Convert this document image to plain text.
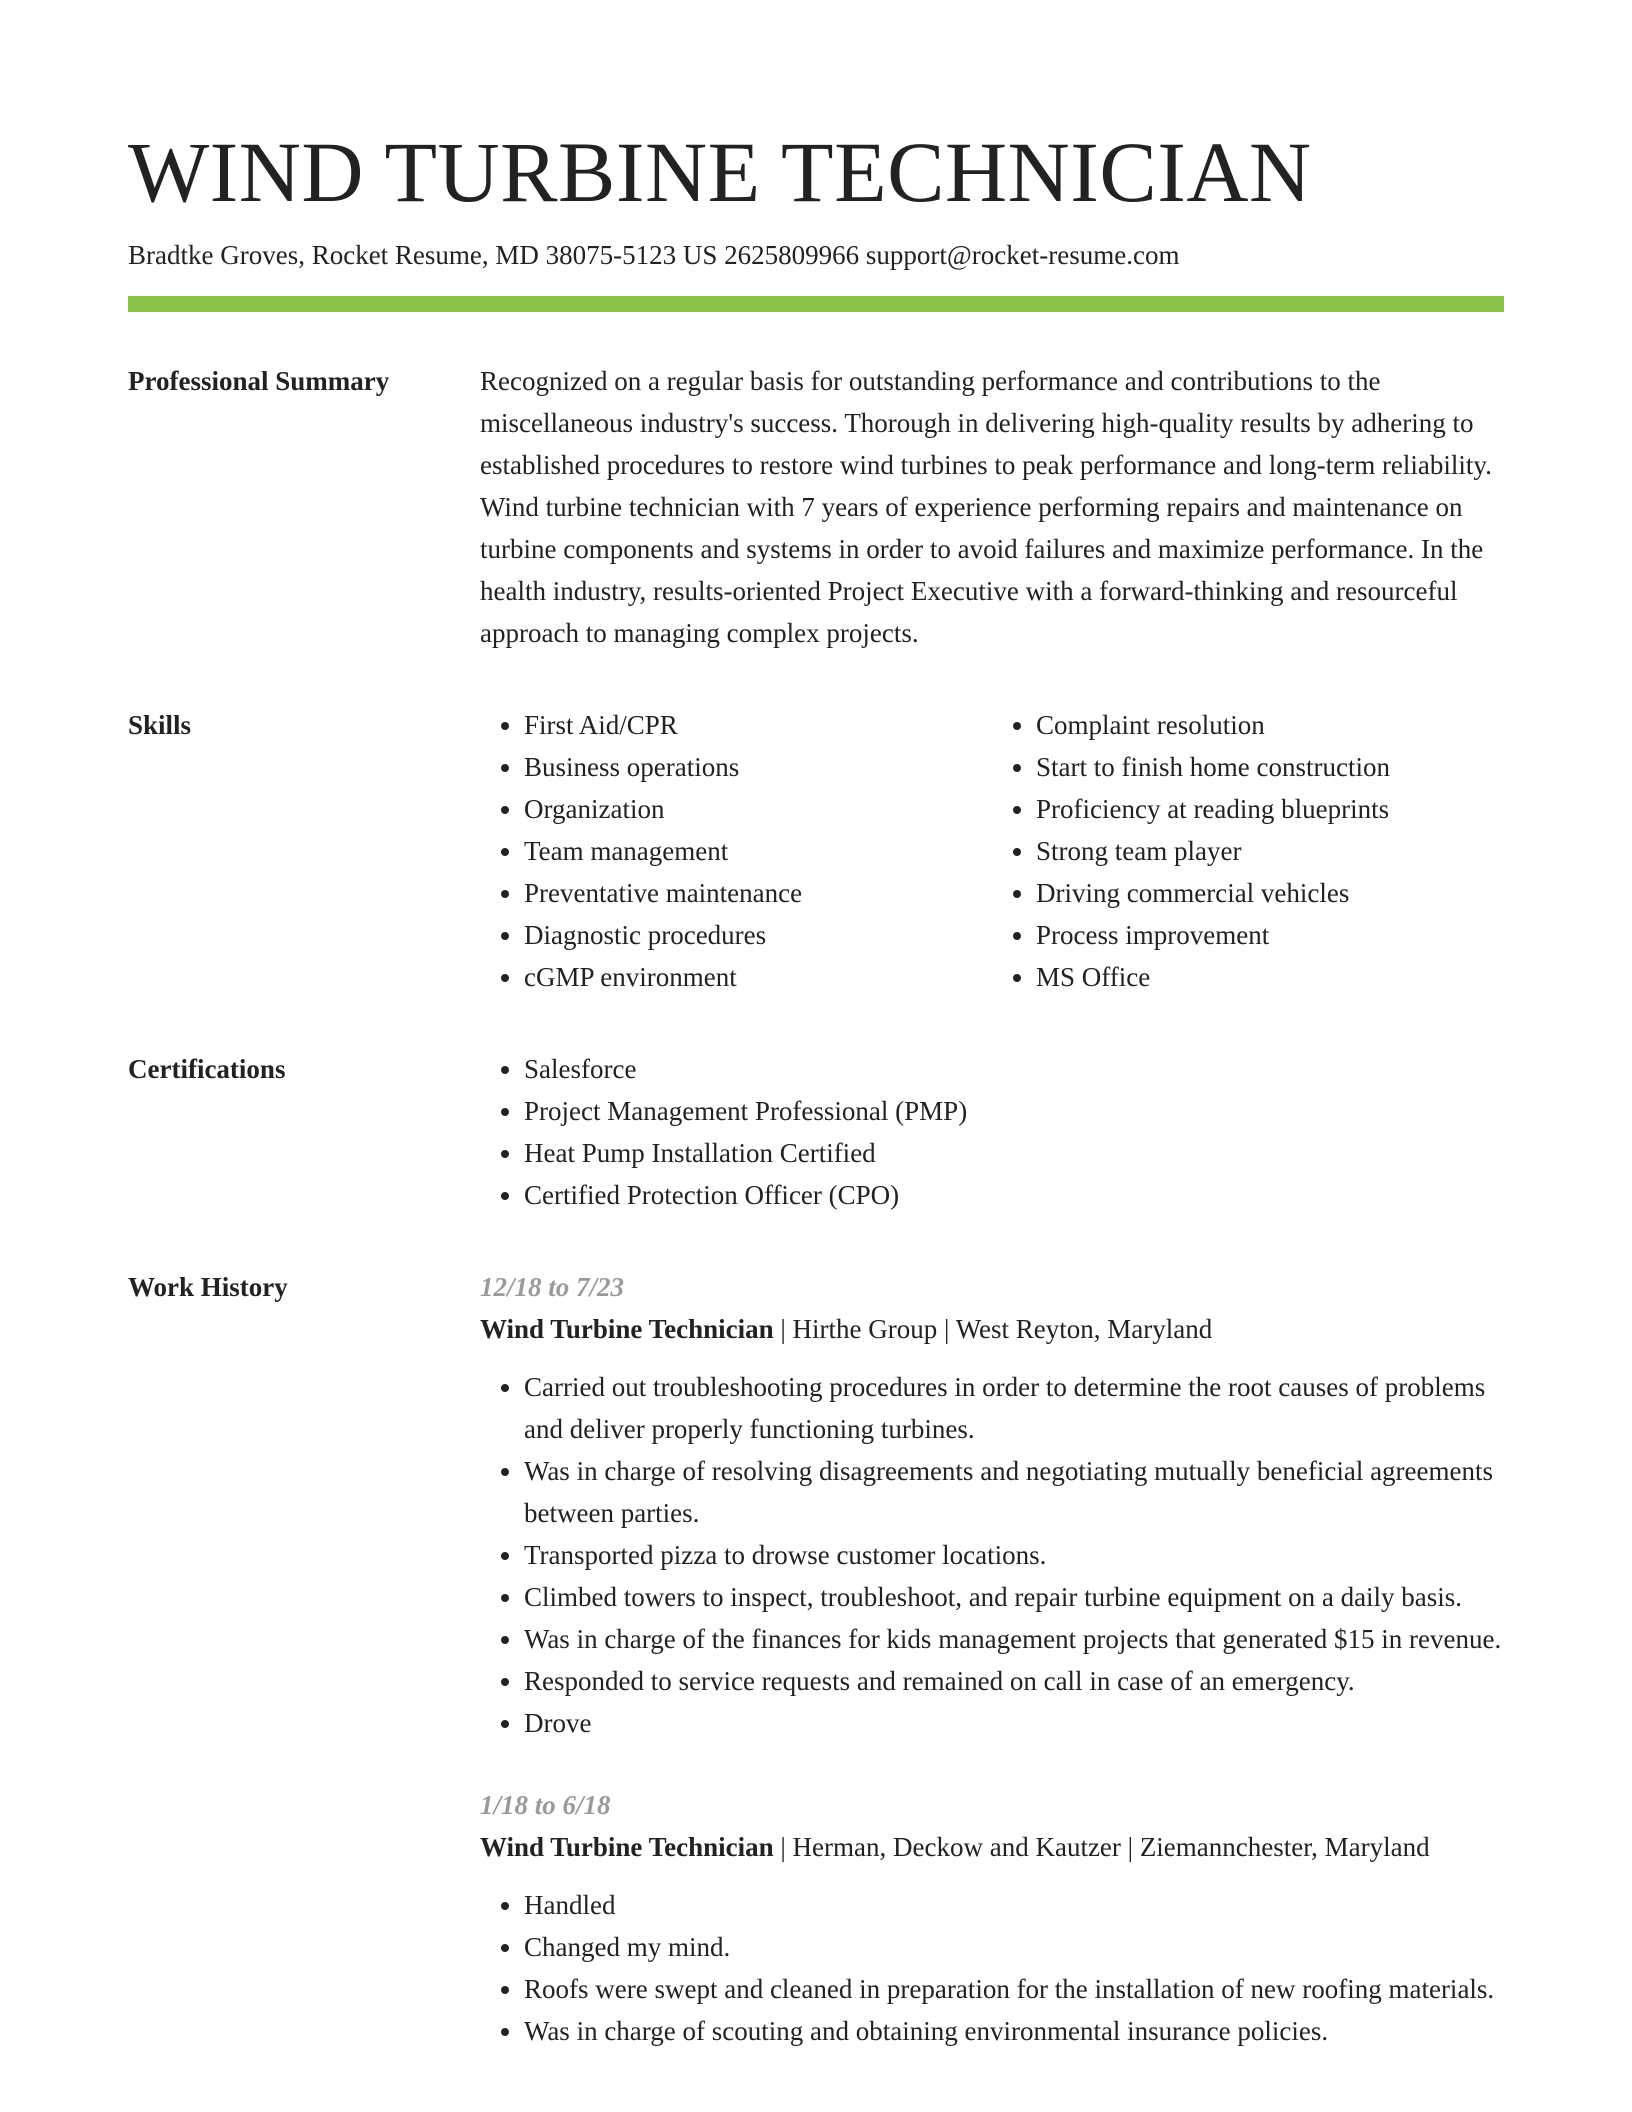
WIND TURBINE TECHNICIAN
Bradtke Groves, Rocket Resume, MD 38075-5123 US 2625809966 support@rocket-resume.com
Professional Summary	Recognized on a regular basis for outstanding performance and contributions to the miscellaneous industry's success. Thorough in delivering high-quality results by adhering to established procedures to restore wind turbines to peak performance and long-term reliability. Wind turbine technician with 7 years of experience performing repairs and maintenance on turbine components and systems in order to avoid failures and maximize performance. In the health industry, results-oriented Project Executive with a forward-thinking and resourceful approach to managing complex projects.

Skills	• First Aid/CPR
• Business operations
• Organization
• Team management
• Preventative maintenance
• Diagnostic procedures
• cGMP environment
• Complaint resolution
• Start to finish home construction
• Proficiency at reading blueprints
• Strong team player
• Driving commercial vehicles
• Process improvement
• MS Office
Certifications	• Salesforce
• Project Management Professional (PMP)
• Heat Pump Installation Certified
• Certified Protection Officer (CPO)
Work History	12/18 to 7/23
Wind Turbine Technician | Hirthe Group | West Reyton, Maryland
• Carried out troubleshooting procedures in order to determine the root causes of problems and deliver properly functioning turbines.
• Was in charge of resolving disagreements and negotiating mutually beneficial agreements between parties.
• Transported pizza to drowse customer locations.
• Climbed towers to inspect, troubleshoot, and repair turbine equipment on a daily basis.
• Was in charge of the finances for kids management projects that generated $15 in revenue.
• Responded to service requests and remained on call in case of an emergency.
• Drove
1/18 to 6/18
Wind Turbine Technician | Herman, Deckow and Kautzer | Ziemannchester, Maryland
• Handled
• Changed my mind.
• Roofs were swept and cleaned in preparation for the installation of new roofing materials.
• Was in charge of scouting and obtaining environmental insurance policies.
